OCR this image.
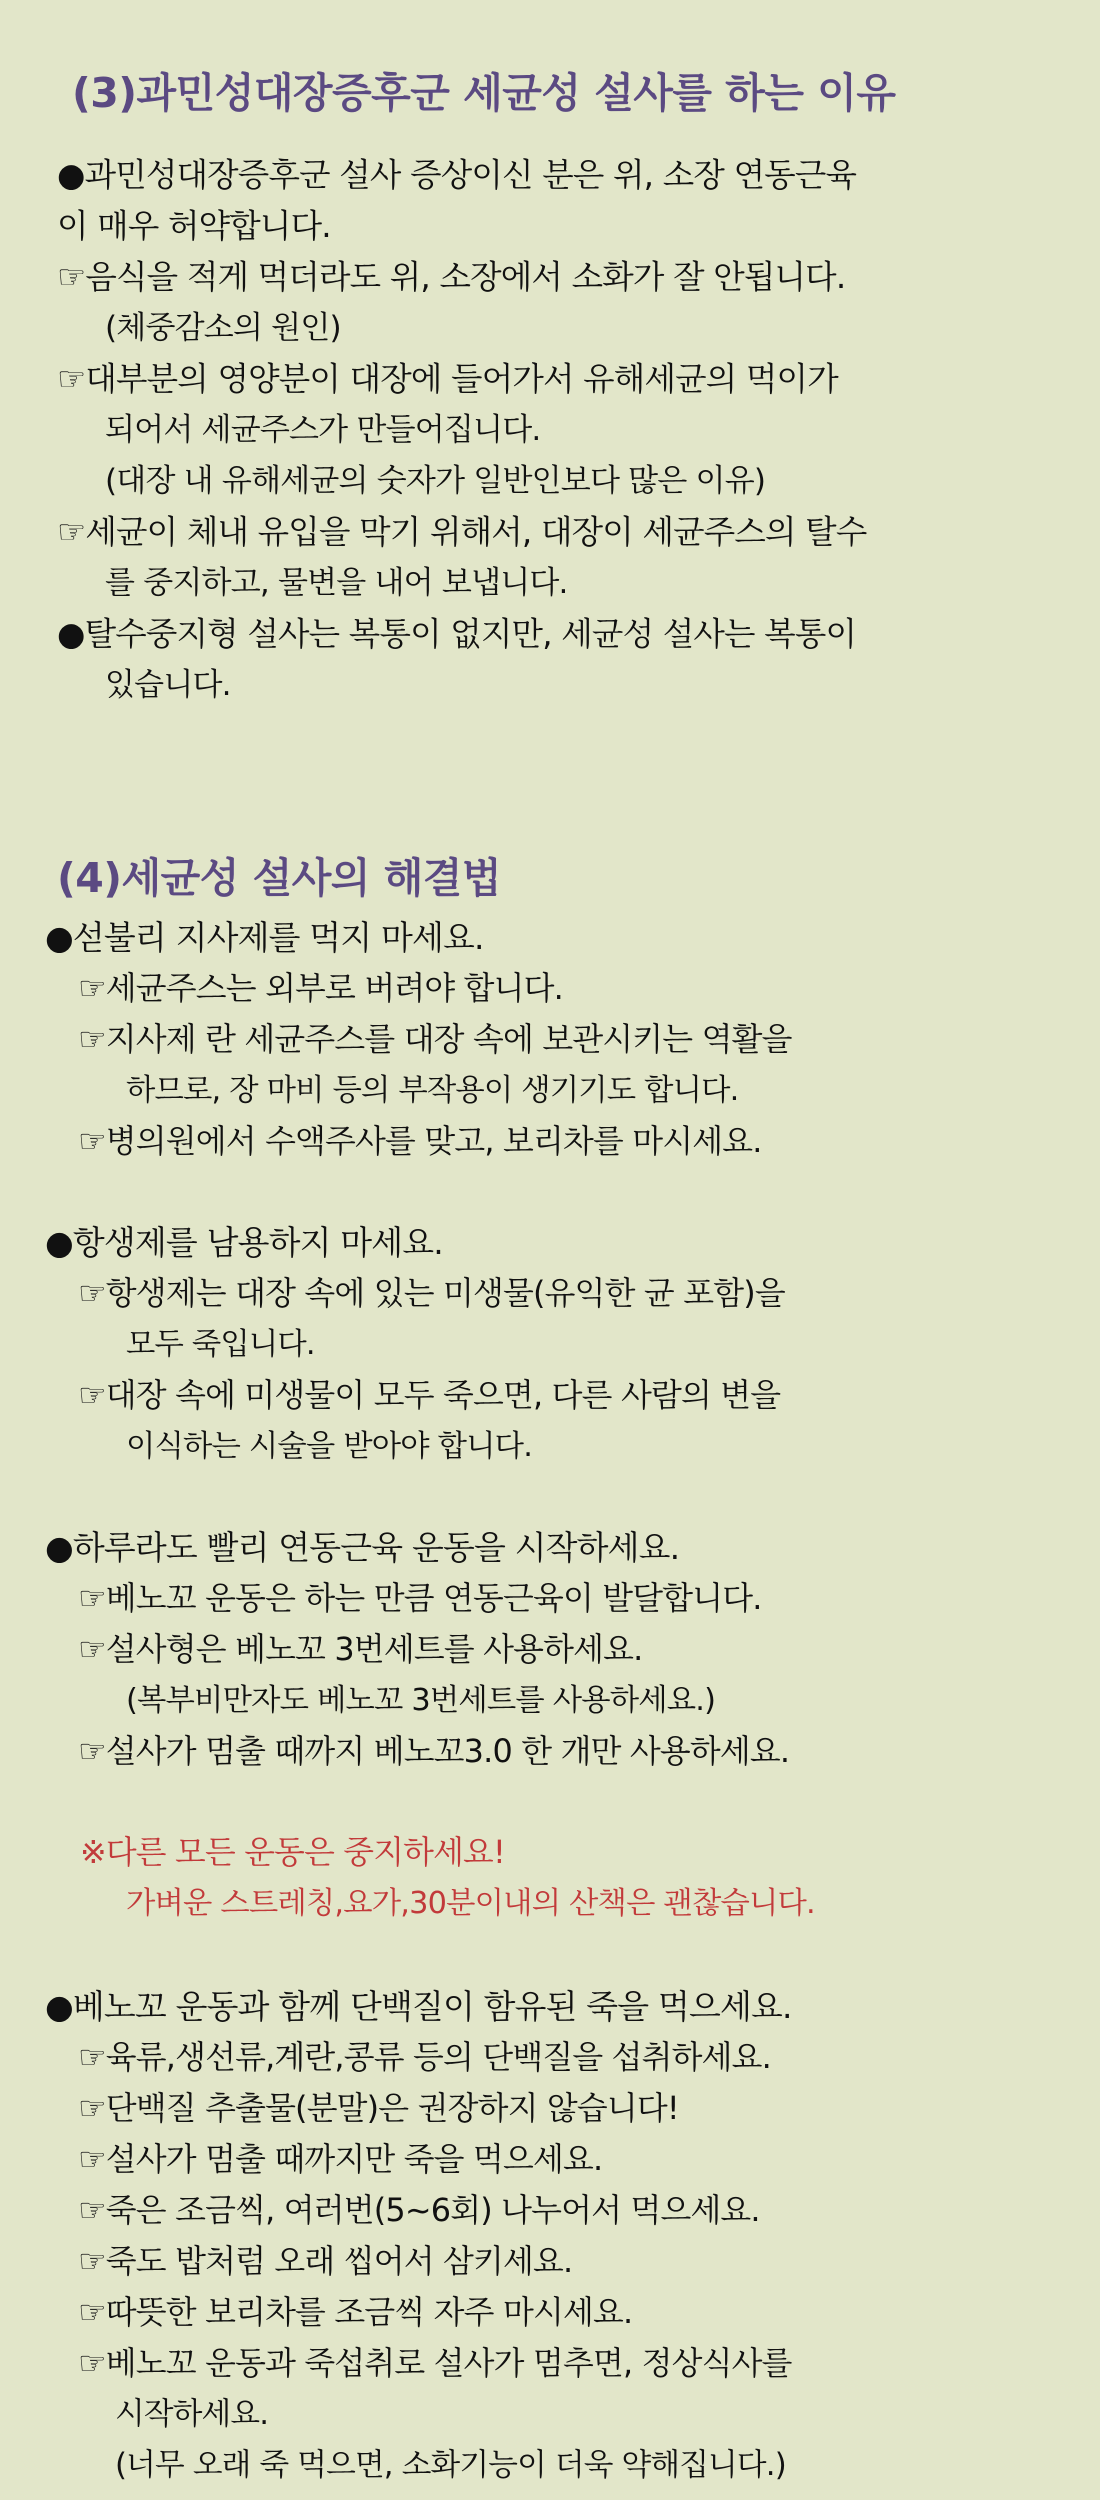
(3)과민성대장증후군 세균성 설사를 하는 이유
●과민성대장증후군 설사 증상이신 분은 위, 소장 연동근육
이 매우 허약합니다.
☞음식을 적게 먹더라도 위, 소장에서 소화가 잘 안됩니다.
(체중감소의 원인)
☞대부분의 영양분이 대장에 들어가서 유해세균의 먹이가
되어서 세균주스가 만들어집니다.
(대장 내 유해세균의 숫자가 일반인보다 많은 이유)
☞세균이 체내 유입을 막기 위해서, 대장이 세균주스의 탈수
를 중지하고, 물변을 내어 보냅니다.
●탈수중지형 설사는 복통이 없지만, 세균성 설사는 복통이
있습니다.
(4)세균성 설사의 해결법
●섣불리 지사제를 먹지 마세요.
☞세균주스는 외부로 버려야 합니다.
☞지사제 란 세균주스를 대장 속에 보관시키는 역활을
하므로, 장 마비 등의 부작용이 생기기도 합니다.
☞병의원에서 수액주사를 맞고, 보리차를 마시세요.
●항생제를 남용하지 마세요.
☞항생제는 대장 속에 있는 미생물(유익한 균 포함)을
모두 죽입니다.
☞대장 속에 미생물이 모두 죽으면, 다른 사람의 변을
이식하는 시술을 받아야 합니다.
●하루라도 빨리 연동근육 운동을 시작하세요.
☞베노꼬 운동은 하는 만큼 연동근육이 발달합니다.
☞설사형은 베노꼬 3번세트를 사용하세요.
(복부비만자도 베노꼬 3번세트를 사용하세요.)
☞설사가 멈출 때까지 베노꼬3.0 한 개만 사용하세요.
※다른 모든 운동은 중지하세요!
가벼운 스트레칭,요가,30분이내의 산책은 괜찮습니다.
●베노꼬 운동과 함께 단백질이 함유된 죽을 먹으세요.
☞육류,생선류,계란,콩류 등의 단백질을 섭취하세요.
☞단백질 추출물(분말)은 권장하지 않습니다!
☞설사가 멈출 때까지만 죽을 먹으세요.
☞죽은 조금씩, 여러번(5~6회) 나누어서 먹으세요.
☞죽도 밥처럼 오래 씹어서 삼키세요.
☞따뜻한 보리차를 조금씩 자주 마시세요.
☞베노꼬 운동과 죽섭취로 설사가 멈추면, 정상식사를
시작하세요.
(너무 오래 죽 먹으면, 소화기능이 더욱 약해집니다.)
